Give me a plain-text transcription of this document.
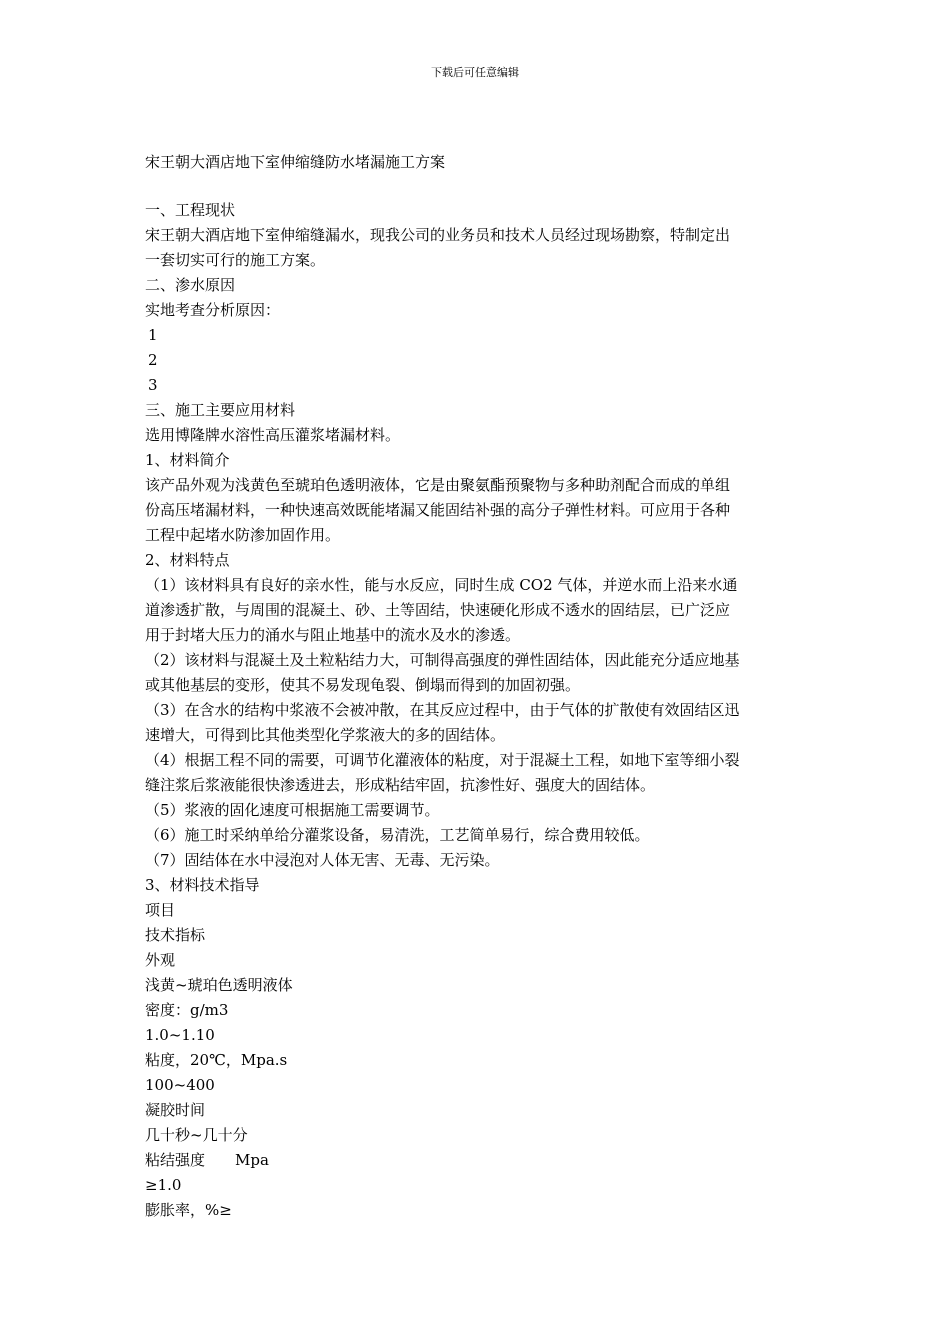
下载后可任意编辑
宋王朝大酒店地下室伸缩缝防水堵漏施工方案
一、工程现状
宋王朝大酒店地下室伸缩缝漏水，现我公司的业务员和技术人员经过现场勘察，特制定出
一套切实可行的施工方案。
二、渗水原因
实地考查分析原因：
1
2
3
三、施工主要应用材料
选用博隆牌水溶性高压灌浆堵漏材料。
1、材料简介
该产品外观为浅黄色至琥珀色透明液体，它是由聚氨酯预聚物与多种助剂配合而成的单组
份高压堵漏材料，一种快速高效既能堵漏又能固结补强的高分子弹性材料。可应用于各种
工程中起堵水防渗加固作用。
2、材料特点
（1）该材料具有良好的亲水性，能与水反应，同时生成 CO2 气体，并逆水而上沿来水通
道渗透扩散，与周围的混凝土、砂、土等固结，快速硬化形成不透水的固结层，已广泛应
用于封堵大压力的涌水与阻止地基中的流水及水的渗透。
（2）该材料与混凝土及土粒粘结力大，可制得高强度的弹性固结体，因此能充分适应地基
或其他基层的变形，使其不易发现龟裂、倒塌而得到的加固初强。
（3）在含水的结构中浆液不会被冲散，在其反应过程中，由于气体的扩散使有效固结区迅
速增大，可得到比其他类型化学浆液大的多的固结体。
（4）根据工程不同的需要，可调节化灌液体的粘度，对于混凝土工程，如地下室等细小裂
缝注浆后浆液能很快渗透进去，形成粘结牢固，抗渗性好、强度大的固结体。
（5）浆液的固化速度可根据施工需要调节。
（6）施工时采纳单给分灌浆设备，易清洗，工艺简单易行，综合费用较低。
（7）固结体在水中浸泡对人体无害、无毒、无污染。
3、材料技术指导
项目
技术指标
外观
浅黄~琥珀色透明液体
密度：g/m3
1.0~1.10
粘度，20℃，Mpa.s
100~400
凝胶时间
几十秒~几十分
粘结强度　　Mpa
≥1.0
膨胀率，%≥
